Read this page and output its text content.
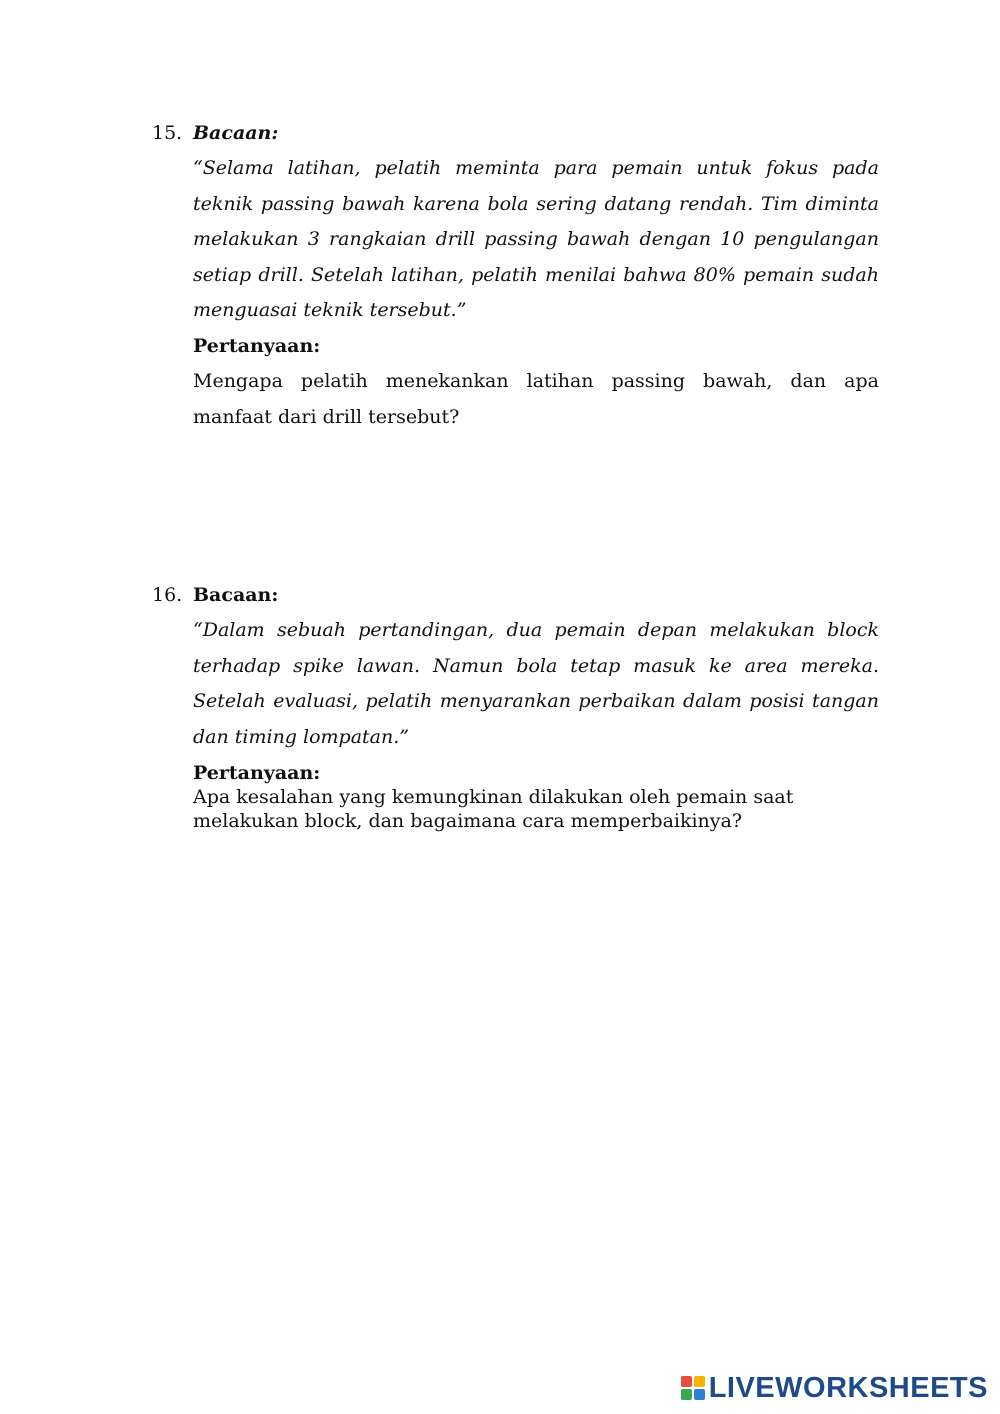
15. Bacaan:
“Selama latihan, pelatih meminta para pemain untuk fokus pada teknik passing bawah karena bola sering datang rendah. Tim diminta melakukan 3 rangkaian drill passing bawah dengan 10 pengulangan setiap drill. Setelah latihan, pelatih menilai bahwa 80% pemain sudah menguasai teknik tersebut.”
Pertanyaan:
Mengapa pelatih menekankan latihan passing bawah, dan apa manfaat dari drill tersebut?
16. Bacaan:
“Dalam sebuah pertandingan, dua pemain depan melakukan block terhadap spike lawan. Namun bola tetap masuk ke area mereka. Setelah evaluasi, pelatih menyarankan perbaikan dalam posisi tangan dan timing lompatan.”
Pertanyaan:
Apa kesalahan yang kemungkinan dilakukan oleh pemain saat melakukan block, dan bagaimana cara memperbaikinya?
LIVEWORKSHEETS
